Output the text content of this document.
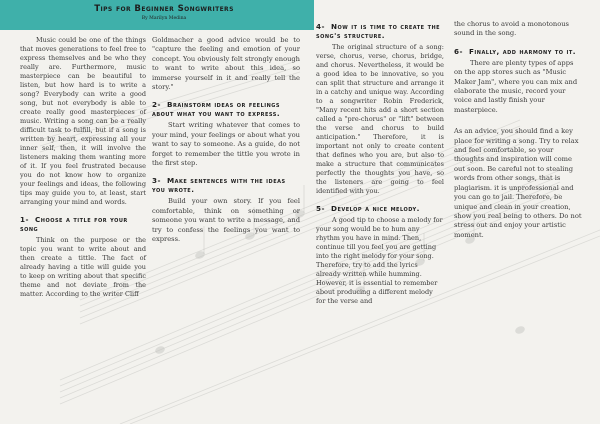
Tips for Beginner Songwriters
By Marilyn Medina

Music could be one of the things that moves generations to feel free to express themselves and be who they really are. Furthermore, music masterpiece can be beautiful to listen, but how hard is to write a song? Everybody can write a good song, but not everybody is able to create really good masterpieces of music. Writing a song can be a really difficult task to fulfill, but if a song is written by heart, expressing all your inner self, then, it will involve the listeners making them wanting more of it. If you feel frustrated because you do not know how to organize your feelings and ideas, the following tips may guide you to, at least, start arranging your mind and words.

1- Choose a title for your song

Think on the purpose or the topic you want to write about and then create a tittle. The fact of already having a title will guide you to keep on writing about that specific theme and not deviate from the matter. According to the writer Cliff

Goldmacher a good advice would be to "capture the feeling and emotion of your concept. You obviously felt strongly enough to want to write about this idea, so immerse yourself in it and really tell the story."

2- Brainstorm ideas or feelings about what you want to express.

Start writing whatever that comes to your mind, your feelings or about what you want to say to someone. As a guide, do not forget to remember the tittle you wrote in the first step.

3- Make sentences with the ideas you wrote.

Build your own story. If you feel comfortable, think on something or someone you want to write a message, and try to confess the feelings you want to express.

4- Now it is time to create the song's structure.

The original structure of a song: verse, chorus, verse, chorus, bridge, and chorus. Nevertheless, it would be a good idea to be innovative, so you can split that structure and arrange it in a catchy and unique way. According to a songwriter Robin Frederick, "Many recent hits add a short section called a "pre-chorus" or "lift" between the verse and chorus to build anticipation." Therefore, it is important not only to create content that defines who you are, but also to make a structure that communicates perfectly the thoughts you have, so the listeners are going to feel identified with you.

5- Develop a nice melody.

A good tip to choose a melody for your song would be to hum any rhythm you have in mind. Then, continue till you feel you are getting into the right melody for your song. Therefore, try to add the lyrics already written while humming. However, it is essential to remember about producing a different melody for the verse and

the chorus to avoid a monotonous sound in the song.

6- Finally, add harmony to it.

There are plenty types of apps on the app stores such as "Music Maker Jam", where you can mix and elaborate the music, record your voice and lastly finish your masterpiece.

As an advice, you should find a key place for writing a song. Try to relax and feel comfortable, so your thoughts and inspiration will come out soon. Be careful not to stealing words from other songs, that is plagiarism. it is unprofessional and you can go to jail. Therefore, be unique and clean in your creation, show you real being to others. Do not stress out and enjoy your artistic moment.
